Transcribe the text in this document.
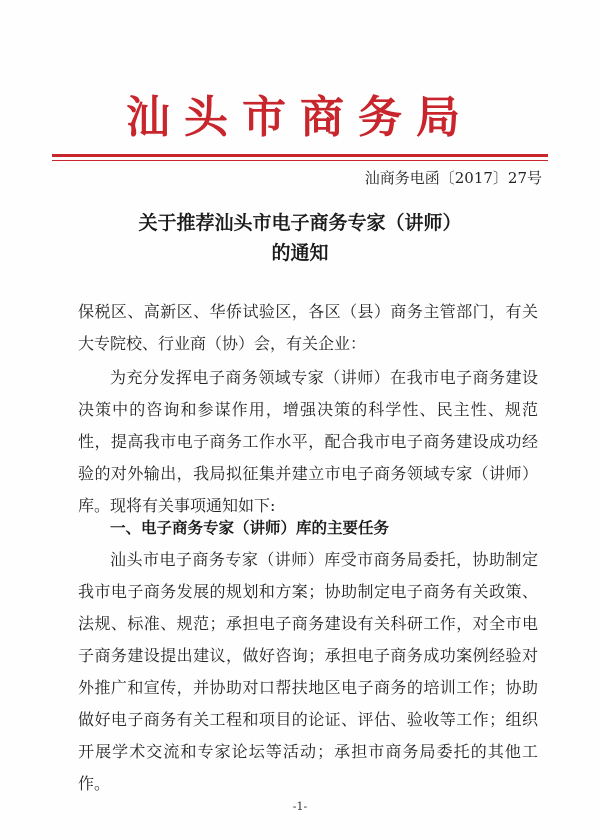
汕头市商务局
汕商务电函〔2017〕27号
关于推荐汕头市电子商务专家（讲师）
的通知
保税区、高新区、华侨试验区，各区（县）商务主管部门，有关大专院校、行业商（协）会，有关企业：
为充分发挥电子商务领域专家（讲师）在我市电子商务建设决策中的咨询和参谋作用，增强决策的科学性、民主性、规范性，提高我市电子商务工作水平，配合我市电子商务建设成功经验的对外输出，我局拟征集并建立市电子商务领域专家（讲师）库。现将有关事项通知如下:
一、电子商务专家（讲师）库的主要任务
汕头市电子商务专家（讲师）库受市商务局委托，协助制定我市电子商务发展的规划和方案；协助制定电子商务有关政策、法规、标准、规范；承担电子商务建设有关科研工作，对全市电子商务建设提出建议，做好咨询；承担电子商务成功案例经验对外推广和宣传，并协助对口帮扶地区电子商务的培训工作；协助做好电子商务有关工程和项目的论证、评估、验收等工作；组织开展学术交流和专家论坛等活动；承担市商务局委托的其他工作。
-1-
